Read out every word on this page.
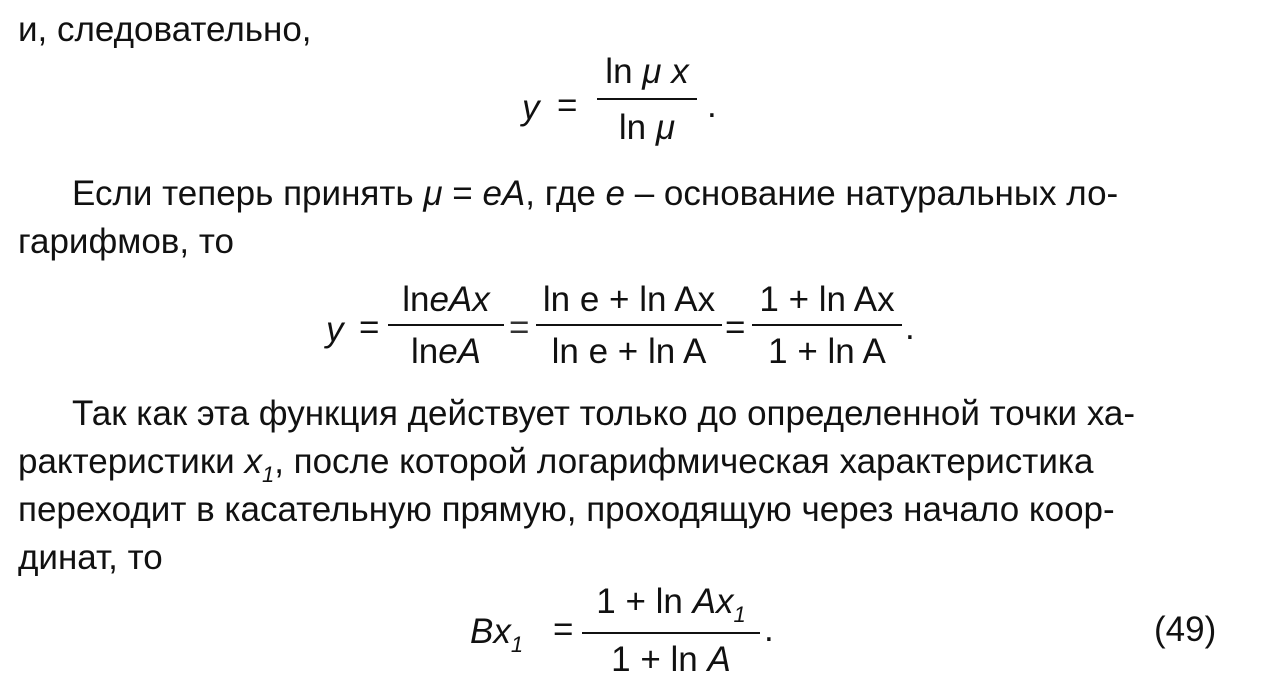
и, следовательно,
y =
ln μ x
ln μ
.
Если теперь принять μ = eA, где e – основание натуральных ло-
гарифмов, то
y =
lneAx
lneA
=
ln e + ln Ax
ln e + ln A
=
1 + ln Ax
1 + ln A
.
Так как эта функция действует только до определенной точки ха-
рактеристики $x_1$, после которой логарифмическая характеристика
переходит в касательную прямую, проходящую через начало коор-
динат, то
$Bx_1$ =
$1 + \ln Ax_1$
1 + ln A
.	(49)
